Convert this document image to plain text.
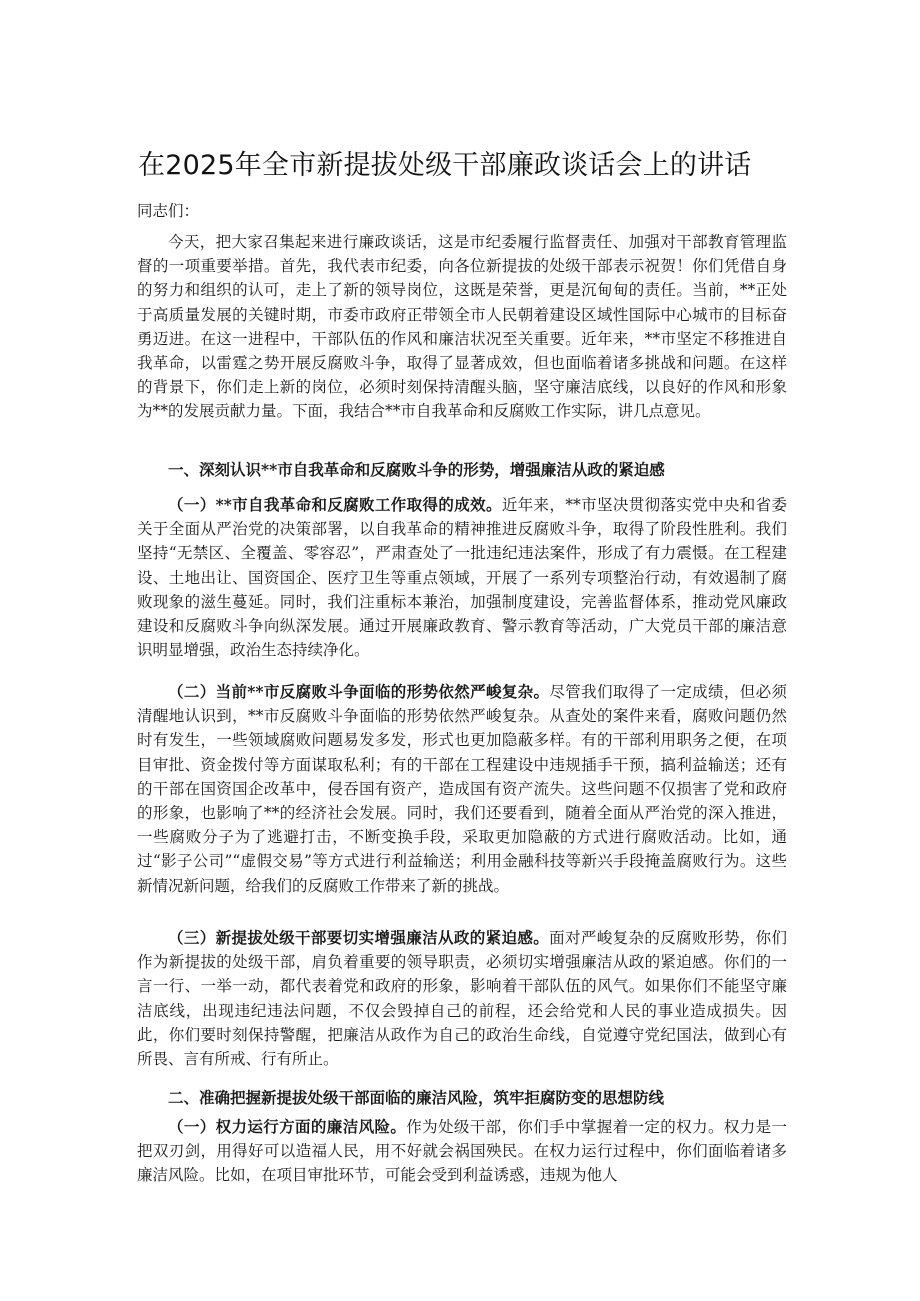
在2025年全市新提拔处级干部廉政谈话会上的讲话
同志们：
今天，把大家召集起来进行廉政谈话，这是市纪委履行监督责任、加强对干部教育管理监督的一项重要举措。首先，我代表市纪委，向各位新提拔的处级干部表示祝贺！你们凭借自身的努力和组织的认可，走上了新的领导岗位，这既是荣誉，更是沉甸甸的责任。当前，**正处于高质量发展的关键时期，市委市政府正带领全市人民朝着建设区域性国际中心城市的目标奋勇迈进。在这一进程中，干部队伍的作风和廉洁状况至关重要。近年来，**市坚定不移推进自我革命，以雷霆之势开展反腐败斗争，取得了显著成效，但也面临着诸多挑战和问题。在这样的背景下，你们走上新的岗位，必须时刻保持清醒头脑，坚守廉洁底线，以良好的作风和形象为**的发展贡献力量。下面，我结合**市自我革命和反腐败工作实际，讲几点意见。
一、深刻认识**市自我革命和反腐败斗争的形势，增强廉洁从政的紧迫感
（一）**市自我革命和反腐败工作取得的成效。近年来，**市坚决贯彻落实党中央和省委关于全面从严治党的决策部署，以自我革命的精神推进反腐败斗争，取得了阶段性胜利。我们坚持“无禁区、全覆盖、零容忍”，严肃查处了一批违纪违法案件，形成了有力震慑。在工程建设、土地出让、国资国企、医疗卫生等重点领域，开展了一系列专项整治行动，有效遏制了腐败现象的滋生蔓延。同时，我们注重标本兼治，加强制度建设，完善监督体系，推动党风廉政建设和反腐败斗争向纵深发展。通过开展廉政教育、警示教育等活动，广大党员干部的廉洁意识明显增强，政治生态持续净化。
（二）当前**市反腐败斗争面临的形势依然严峻复杂。尽管我们取得了一定成绩，但必须清醒地认识到，**市反腐败斗争面临的形势依然严峻复杂。从查处的案件来看，腐败问题仍然时有发生，一些领域腐败问题易发多发，形式也更加隐蔽多样。有的干部利用职务之便，在项目审批、资金拨付等方面谋取私利；有的干部在工程建设中违规插手干预，搞利益输送；还有的干部在国资国企改革中，侵吞国有资产，造成国有资产流失。这些问题不仅损害了党和政府的形象，也影响了**的经济社会发展。同时，我们还要看到，随着全面从严治党的深入推进，一些腐败分子为了逃避打击，不断变换手段，采取更加隐蔽的方式进行腐败活动。比如，通过“影子公司”“虚假交易”等方式进行利益输送；利用金融科技等新兴手段掩盖腐败行为。这些新情况新问题，给我们的反腐败工作带来了新的挑战。
（三）新提拔处级干部要切实增强廉洁从政的紧迫感。面对严峻复杂的反腐败形势，你们作为新提拔的处级干部，肩负着重要的领导职责，必须切实增强廉洁从政的紧迫感。你们的一言一行、一举一动，都代表着党和政府的形象，影响着干部队伍的风气。如果你们不能坚守廉洁底线，出现违纪违法问题，不仅会毁掉自己的前程，还会给党和人民的事业造成损失。因此，你们要时刻保持警醒，把廉洁从政作为自己的政治生命线，自觉遵守党纪国法，做到心有所畏、言有所戒、行有所止。
二、准确把握新提拔处级干部面临的廉洁风险，筑牢拒腐防变的思想防线
（一）权力运行方面的廉洁风险。作为处级干部，你们手中掌握着一定的权力。权力是一把双刃剑，用得好可以造福人民，用不好就会祸国殃民。在权力运行过程中，你们面临着诸多廉洁风险。比如，在项目审批环节，可能会受到利益诱惑，违规为他人
